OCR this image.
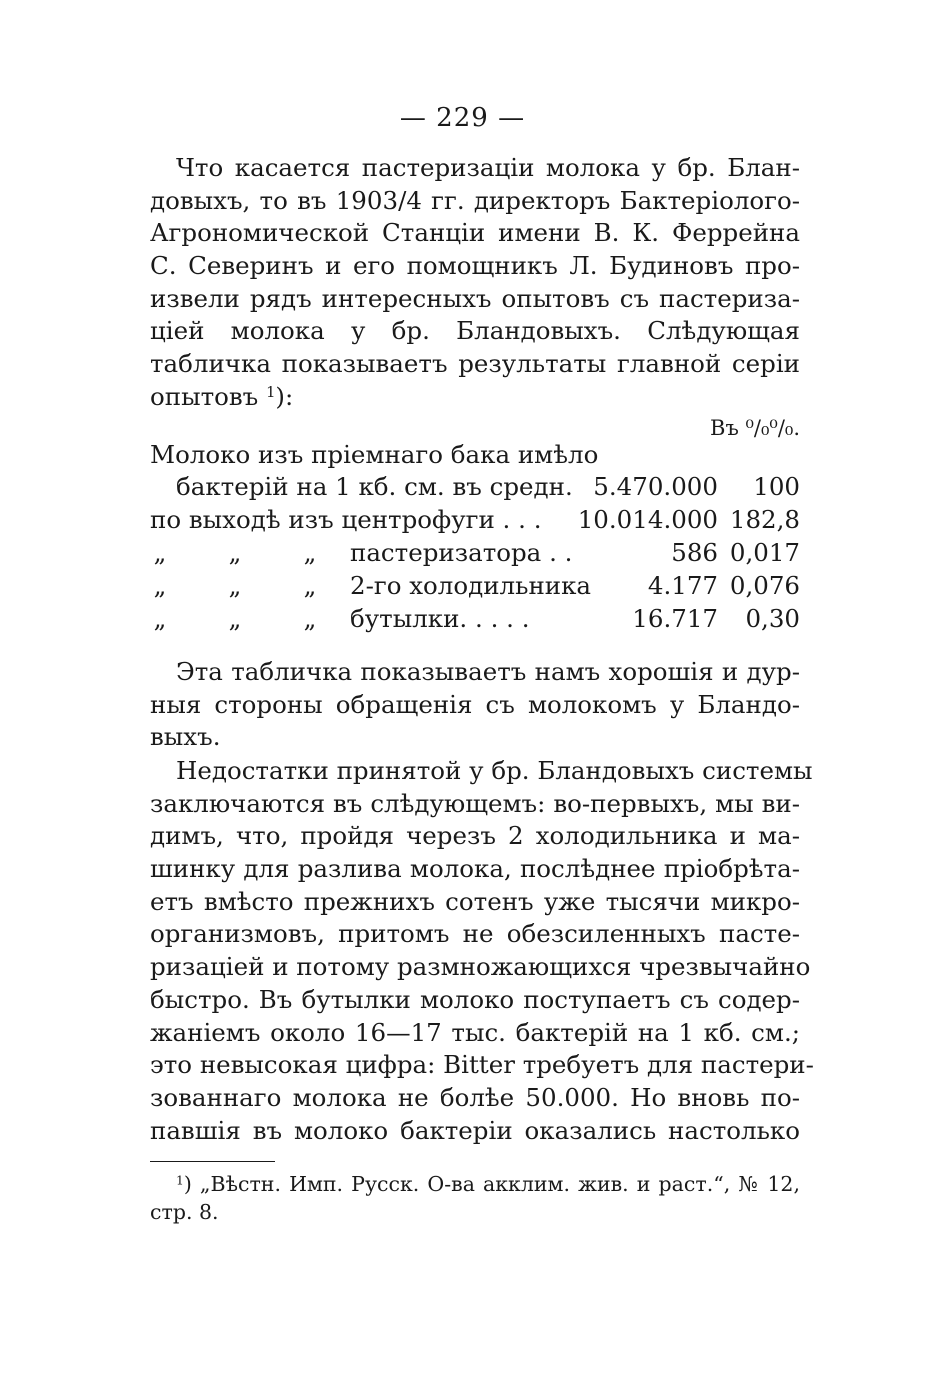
— 229 —
Что касается пастеризаціи молока у бр. Блан-
довыхъ, то въ 1903/4 гг. директоръ Бактеріолого-
Агрономической Станціи имени В. К. Феррейна
С. Северинъ и его помощникъ Л. Будиновъ про-
извели рядъ интересныхъ опытовъ съ пастериза-
ціей молока у бр. Бландовыхъ. Слѣдующая
табличка показываетъ результаты главной серіи
опытовъ $^1$):
Въ ⁰/₀⁰/₀.
Молоко изъ пріемнаго бака имѣло
бактерій на 1 кб. см. въ средн. 5.470.000 100
по выходѣ изъ центрофуги . . . 10.014.000 182,8
„	„	„ пастеризатора . .	586 0,017
„	„	„ 2-го холодильника 4.177 0,076
„	„	„ бутылки. . . . .	16.717 0,30
Эта табличка показываетъ намъ хорошія и дур-
ныя стороны обращенія съ молокомъ у Бландо-
выхъ.
Недостатки принятой у бр. Бландовыхъ системы
заключаются въ слѣдующемъ: во-первыхъ, мы ви-
димъ, что, пройдя черезъ 2 холодильника и ма-
шинку для разлива молока, послѣднее пріобрѣта-
етъ вмѣсто прежнихъ сотенъ уже тысячи микро-
организмовъ, притомъ не обезсиленныхъ пасте-
ризаціей и потому размножающихся чрезвычайно
быстро. Въ бутылки молоко поступаетъ съ содер-
жаніемъ около 16—17 тыс. бактерій на 1 кб. см.;
это невысокая цифра: Bitter требуетъ для пастери-
зованнаго молока не болѣе 50.000. Но вновь по-
павшія въ молоко бактеріи оказались настолько
$^1$) „Вѣстн. Имп. Русск. О-ва акклим. жив. и раст.“, № 12,
стр. 8.
